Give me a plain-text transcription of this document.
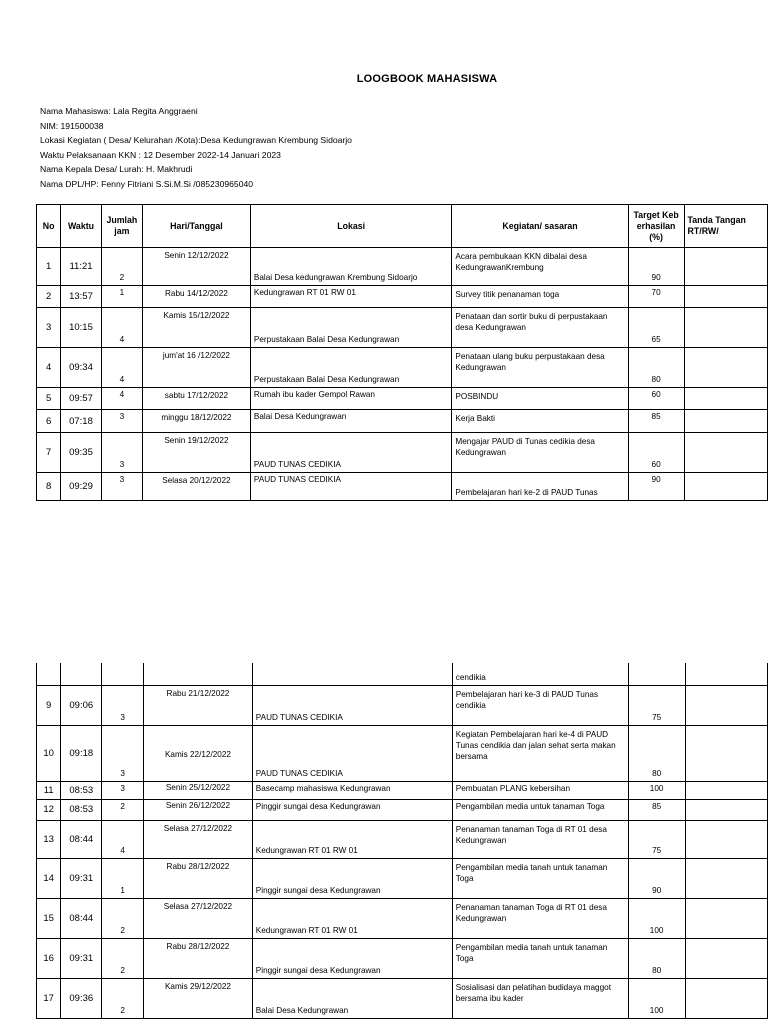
LOOGBOOK MAHASISWA
Nama Mahasiswa: Lala Regita Anggraeni
NIM: 191500038
Lokasi Kegiatan ( Desa/ Kelurahan /Kota):Desa Kedungrawan Krembung Sidoarjo
Waktu Pelaksanaan KKN : 12 Desember 2022-14 Januari 2023
Nama Kepala Desa/ Lurah: H. Makhrudi
Nama DPL/HP: Fenny Fitriani S.Si.M.Si /085230965040
No	Waktu	Jumlah jam	Hari/Tanggal	Lokasi	Kegiatan/ sasaran	Target Keberhasilan (%)	Tanda Tangan RT/RW/
1	11:21	2	Senin 12/12/2022	Balai Desa kedungrawan Krembung Sidoarjo	Acara pembukaan KKN dibalai desa KedungrawanKrembung	90	
2	13:57	1	Rabu 14/12/2022	Kedungrawan RT 01 RW 01	Survey titik penanaman toga	70	
3	10:15	4	Kamis 15/12/2022	Perpustakaan Balai Desa Kedungrawan	Penataan dan sortir buku di perpustakaan desa Kedungrawan	65	
4	09:34	4	jum'at 16 /12/2022	Perpustakaan Balai Desa Kedungrawan	Penataan ulang buku perpustakaan desa Kedungrawan	80	
5	09:57	4	sabtu 17/12/2022	Rumah ibu kader Gempol Rawan	POSBINDU	60	
6	07:18	3	minggu 18/12/2022	Balai Desa Kedungrawan	Kerja Bakti	85	
7	09:35	3	Senin 19/12/2022	PAUD TUNAS CEDIKIA	Mengajar PAUD di Tunas cedikia desa Kedungrawan	60	
8	09:29	3	Selasa 20/12/2022	PAUD TUNAS CEDIKIA	Pembelajaran hari ke-2 di PAUD Tunas	90	
					cendikia		
9	09:06	3	Rabu 21/12/2022	PAUD TUNAS CEDIKIA	Pembelajaran hari ke-3 di PAUD Tunas cendikia	75	
10	09:18	3	Kamis 22/12/2022	PAUD TUNAS CEDIKIA	Kegiatan Pembelajaran hari ke-4 di PAUD Tunas cendikia dan jalan sehat serta makan bersama	80	
11	08:53	3	Senin 25/12/2022	Basecamp mahasiswa Kedungrawan	Pembuatan PLANG kebersihan	100	
12	08:53	2	Senin 26/12/2022	Pinggir sungai desa Kedungrawan	Pengambilan media untuk tanaman Toga	85	
13	08:44	4	Selasa 27/12/2022	Kedungrawan RT 01 RW 01	Penanaman tanaman Toga di RT 01 desa Kedungrawan	75	
14	09:31	1	Rabu 28/12/2022	Pinggir sungai desa Kedungrawan	Pengambilan media tanah untuk tanaman Toga	90	
15	08:44	2	Selasa 27/12/2022	Kedungrawan RT 01 RW 01	Penanaman tanaman Toga di RT 01 desa Kedungrawan	100	
16	09:31	2	Rabu 28/12/2022	Pinggir sungai desa Kedungrawan	Pengambilan media tanah untuk tanaman Toga	80	
17	09:36	2	Kamis 29/12/2022	Balai Desa Kedungrawan	Sosialisasi dan pelatihan budidaya maggot bersama ibu kader	100	
